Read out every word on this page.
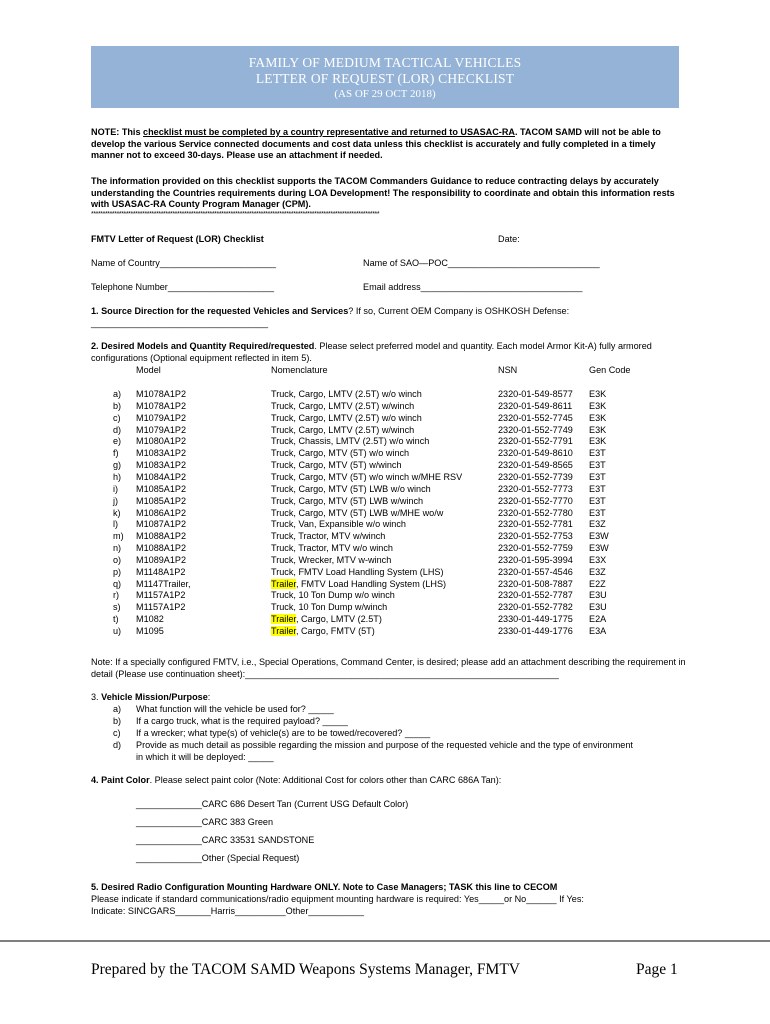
FAMILY OF MEDIUM TACTICAL VEHICLES
LETTER OF REQUEST (LOR) CHECKLIST
(AS OF 29 OCT 2018)
NOTE: This checklist must be completed by a country representative and returned to USASAC-RA. TACOM SAMD will not be able to develop the various Service connected documents and cost data unless this checklist is accurately and fully completed in a timely manner not to exceed 30-days. Please use an attachment if needed.
The information provided on this checklist supports the TACOM Commanders Guidance to reduce contracting delays by accurately understanding the Countries requirements during LOA Development! The responsibility to coordinate and obtain this information rests with USASAC-RA County Program Manager (CPM).
****************************************************************************************************************************
FMTV Letter of Request (LOR) Checklist	Date:
Name of Country_______________________	Name of SAO—POC______________________________
Telephone Number_____________________	Email address________________________________
1. Source Direction for the requested Vehicles and Services? If so, Current OEM Company is OSHKOSH Defense:
___________________________________
2. Desired Models and Quantity Required/requested. Please select preferred model and quantity. Each model Armor Kit-A) fully armored configurations (Optional equipment reflected in item 5).
Model	Nomenclature	NSN	Gen Code
a) M1078A1P2	Truck, Cargo, LMTV (2.5T) w/o winch	2320-01-549-8577 E3K
b) M1078A1P2	Truck, Cargo, LMTV (2.5T) w/winch	2320-01-549-8611 E3K
c) M1079A1P2	Truck, Cargo, LMTV (2.5T) w/o winch	2320-01-552-7745 E3K
d) M1079A1P2	Truck, Cargo, LMTV (2.5T) w/winch	2320-01-552-7749 E3K
e) M1080A1P2	Truck, Chassis, LMTV (2.5T) w/o winch	2320-01-552-7791 E3K
f) M1083A1P2	Truck, Cargo, MTV (5T) w/o winch	2320-01-549-8610 E3T
g) M1083A1P2	Truck, Cargo, MTV (5T) w/winch	2320-01-549-8565 E3T
h) M1084A1P2	Truck, Cargo, MTV (5T) w/o winch w/MHE RSV	2320-01-552-7739 E3T
i) M1085A1P2	Truck, Cargo, MTV (5T) LWB w/o winch	2320-01-552-7773 E3T
j) M1085A1P2	Truck, Cargo, MTV (5T) LWB w/winch	2320-01-552-7770 E3T
k) M1086A1P2	Truck, Cargo, MTV (5T) LWB w/MHE wo/w	2320-01-552-7780 E3T
l) M1087A1P2	Truck, Van, Expansible w/o winch	2320-01-552-7781 E3Z
m) M1088A1P2	Truck, Tractor, MTV w/winch	2320-01-552-7753 E3W
n) M1088A1P2	Truck, Tractor, MTV w/o winch	2320-01-552-7759 E3W
o) M1089A1P2	Truck, Wrecker, MTV w-winch	2320-01-595-3994 E3X
p) M1148A1P2	Truck, FMTV Load Handling System (LHS)	2320-01-557-4546 E3Z
q) M1147Trailer,	Trailer, FMTV Load Handling System (LHS)	2320-01-508-7887 E2Z
r) M1157A1P2	Truck, 10 Ton Dump w/o winch	2320-01-552-7787 E3U
s) M1157A1P2	Truck, 10 Ton Dump w/winch	2320-01-552-7782 E3U
t) M1082	Trailer, Cargo, LMTV (2.5T)	2330-01-449-1775 E2A
u) M1095	Trailer, Cargo, FMTV (5T)	2330-01-449-1776 E3A
Note: If a specially configured FMTV, i.e., Special Operations, Command Center, is desired; please add an attachment describing the requirement in detail (Please use continuation sheet):______________________________________________________________
3. Vehicle Mission/Purpose:
a) What function will the vehicle be used for? _____
b) If a cargo truck, what is the required payload? _____
c) If a wrecker; what type(s) of vehicle(s) are to be towed/recovered? _____
d) Provide as much detail as possible regarding the mission and purpose of the requested vehicle and the type of environment in which it will be deployed: _____
4. Paint Color. Please select paint color (Note: Additional Cost for colors other than CARC 686A Tan):
_____________CARC 686 Desert Tan (Current USG Default Color)
_____________CARC 383 Green
_____________CARC 33531 SANDSTONE
_____________Other (Special Request)
5. Desired Radio Configuration Mounting Hardware ONLY. Note to Case Managers; TASK this line to CECOM
Please indicate if standard communications/radio equipment mounting hardware is required: Yes_____or No______ If Yes:
Indicate: SINCGARS_______Harris__________Other___________
Prepared by the TACOM SAMD Weapons Systems Manager, FMTV	Page 1
